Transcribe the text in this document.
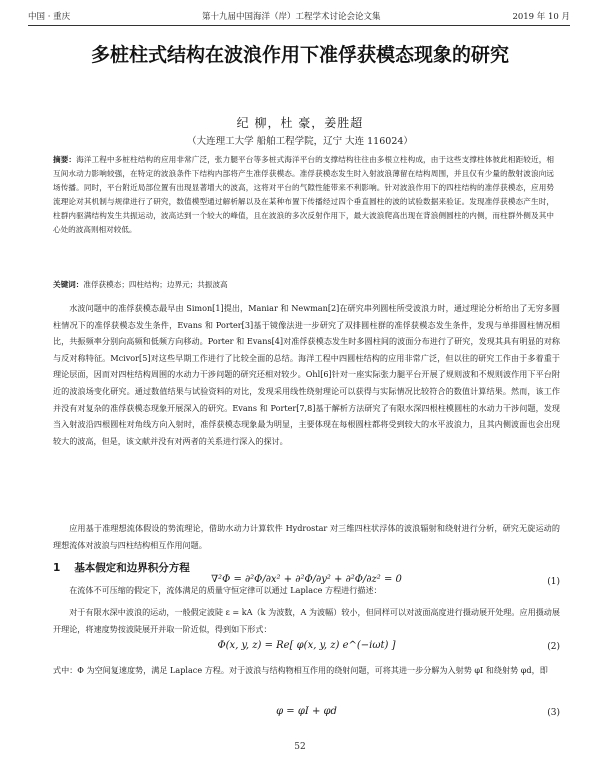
中国 · 重庆	第十九届中国海洋（岸）工程学术讨论会论文集	2019 年 10 月
多桩柱式结构在波浪作用下准俘获模态现象的研究
纪 柳，杜 豪，姜胜超
（大连理工大学 船舶工程学院，辽宁 大连 116024）
摘要：海洋工程中多桩柱结构的应用非常广泛，张力腿平台等多桩式海洋平台的支撑结构往往由多根立柱构成，由于这些支撑柱体彼此相距较近，相互间水动力影响较强，在特定的波浪条件下结构内部将产生准俘获模态。准俘获模态发生时入射波浪薄留在结构周围，并且仅有少量的散射波浪向远场传播。同时，平台附近局部位置有出现显著增大的波高，这将对平台的气隙性能带来不利影响。针对波浪作用下的四柱结构的准俘获模态，应用势流理论对其机制与规律进行了研究，数值模型通过解析解以及在某种布置下传播经过四个垂直圆柱的波的试验数据来验证。发现准俘获模态产生时，柱群内驱满结构发生共振运动，波高达到一个较大的峰值，且在波浪的多次反射作用下，最大波浪爬高出现在背浪侧圆柱的内侧，而柱群外侧及其中心处的波高则相对较低。
关键词：准俘获模态；四柱结构；边界元；共振波高
水波问题中的准俘获模态最早由 Simon[1]提出，Maniar 和 Newman[2]在研究串列圆柱所受波浪力时，通过理论分析给出了无穷多圆柱情况下的准俘获模态发生条件，Evans 和 Porter[3]基于镜像法进一步研究了双排圆柱群的准俘获模态发生条件，发现与单排圆柱情况相比，共振频率分别向高频和低频方向移动。Porter 和 Evans[4]对准俘获模态发生时多圆柱间的波面分布进行了研究，发现其具有明显的对称与反对称特征。Mcivor[5]对这些早期工作进行了比较全面的总结。海洋工程中四圆柱结构的应用非常广泛，但以往的研究工作由于多着重于理论层面，因而对四柱结构周围的水动力干涉问题的研究还相对较少。Ohl[6]针对一座实际张力腿平台开展了规则波和不规则波作用下平台附近的波浪场变化研究。通过数值结果与试验资料的对比，发现采用线性绕射理论可以获得与实际情况比较符合的数值计算结果。然而，该工作并没有对复杂的准俘获模态现象开展深入的研究。Evans 和 Porter[7,8]基于解析方法研究了有限水深四根柱模圆柱的水动力干涉问题，发现当入射波沿四根圆柱对角线方向入射时，准俘获模态现象最为明显，主要体现在每根圆柱都将受到较大的水平波浪力，且其内侧波面也会出现较大的波高，但是，该文献并没有对两者的关系进行深入的探讨。
应用基于准理想流体假设的势流理论，借助水动力计算软件 Hydrostar 对三维四柱状浮体的波浪辐射和绕射进行分析，研究无旋运动的理想流体对波浪与四柱结构相互作用问题。
1 基本假定和边界积分方程
在流体不可压缩的假定下，流体满足的质量守恒定律可以通过 Laplace 方程进行描述：
∇²Φ = ∂²Φ/∂x² + ∂²Φ/∂y² + ∂²Φ/∂z² = 0	(1)
对于有限水深中波浪的运动，一般假定波陡 ε = kA（k 为波数，A 为波幅）较小，但同样可以对波面高度进行摄动展开处理。应用摄动展开理论，将速度势按波陡展开并取一阶近似，得到如下形式：
Φ(x, y, z) = Re[ φ(x, y, z) e^(−iωt) ]	(2)
式中：Φ 为空间复速度势，满足 Laplace 方程。对于波浪与结构物相互作用的绕射问题，可将其进一步分解为入射势 φI 和绕射势 φd，即
φ = φI + φd	(3)
52
